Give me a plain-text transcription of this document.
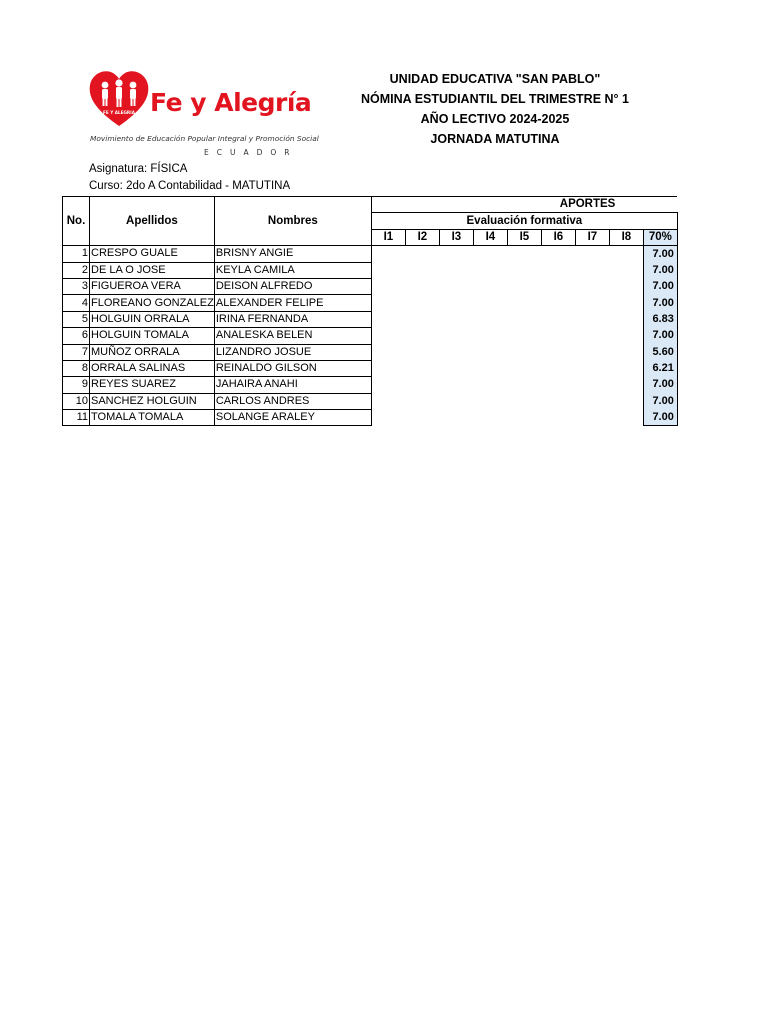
FE Y ALEGRIA Fe y Alegría
Movimiento de Educación Popular Integral y Promoción Social
ECUADOR
UNIDAD EDUCATIVA "SAN PABLO"
NÓMINA ESTUDIANTIL DEL TRIMESTRE N° 1
AÑO LECTIVO 2024-2025
JORNADA MATUTINA
Asignatura: FÍSICA
Curso: 2do A Contabilidad - MATUTINA
No.	Apellidos	Nombres	APORTES								
			Evaluación formativa								
			I1	I2	I3	I4	I5	I6	I7	I8	70%
1	CRESPO GUALE	BRISNY ANGIE									7.00
2	DE LA O JOSE	KEYLA CAMILA									7.00
3	FIGUEROA VERA	DEISON ALFREDO									7.00
4	FLOREANO GONZALEZ	ALEXANDER FELIPE									7.00
5	HOLGUIN ORRALA	IRINA FERNANDA									6.83
6	HOLGUIN TOMALA	ANALESKA BELEN									7.00
7	MUÑOZ ORRALA	LIZANDRO JOSUE									5.60
8	ORRALA SALINAS	REINALDO GILSON									6.21
9	REYES SUAREZ	JAHAIRA ANAHI									7.00
10	SANCHEZ HOLGUIN	CARLOS ANDRES									7.00
11	TOMALA TOMALA	SOLANGE ARALEY									7.00
